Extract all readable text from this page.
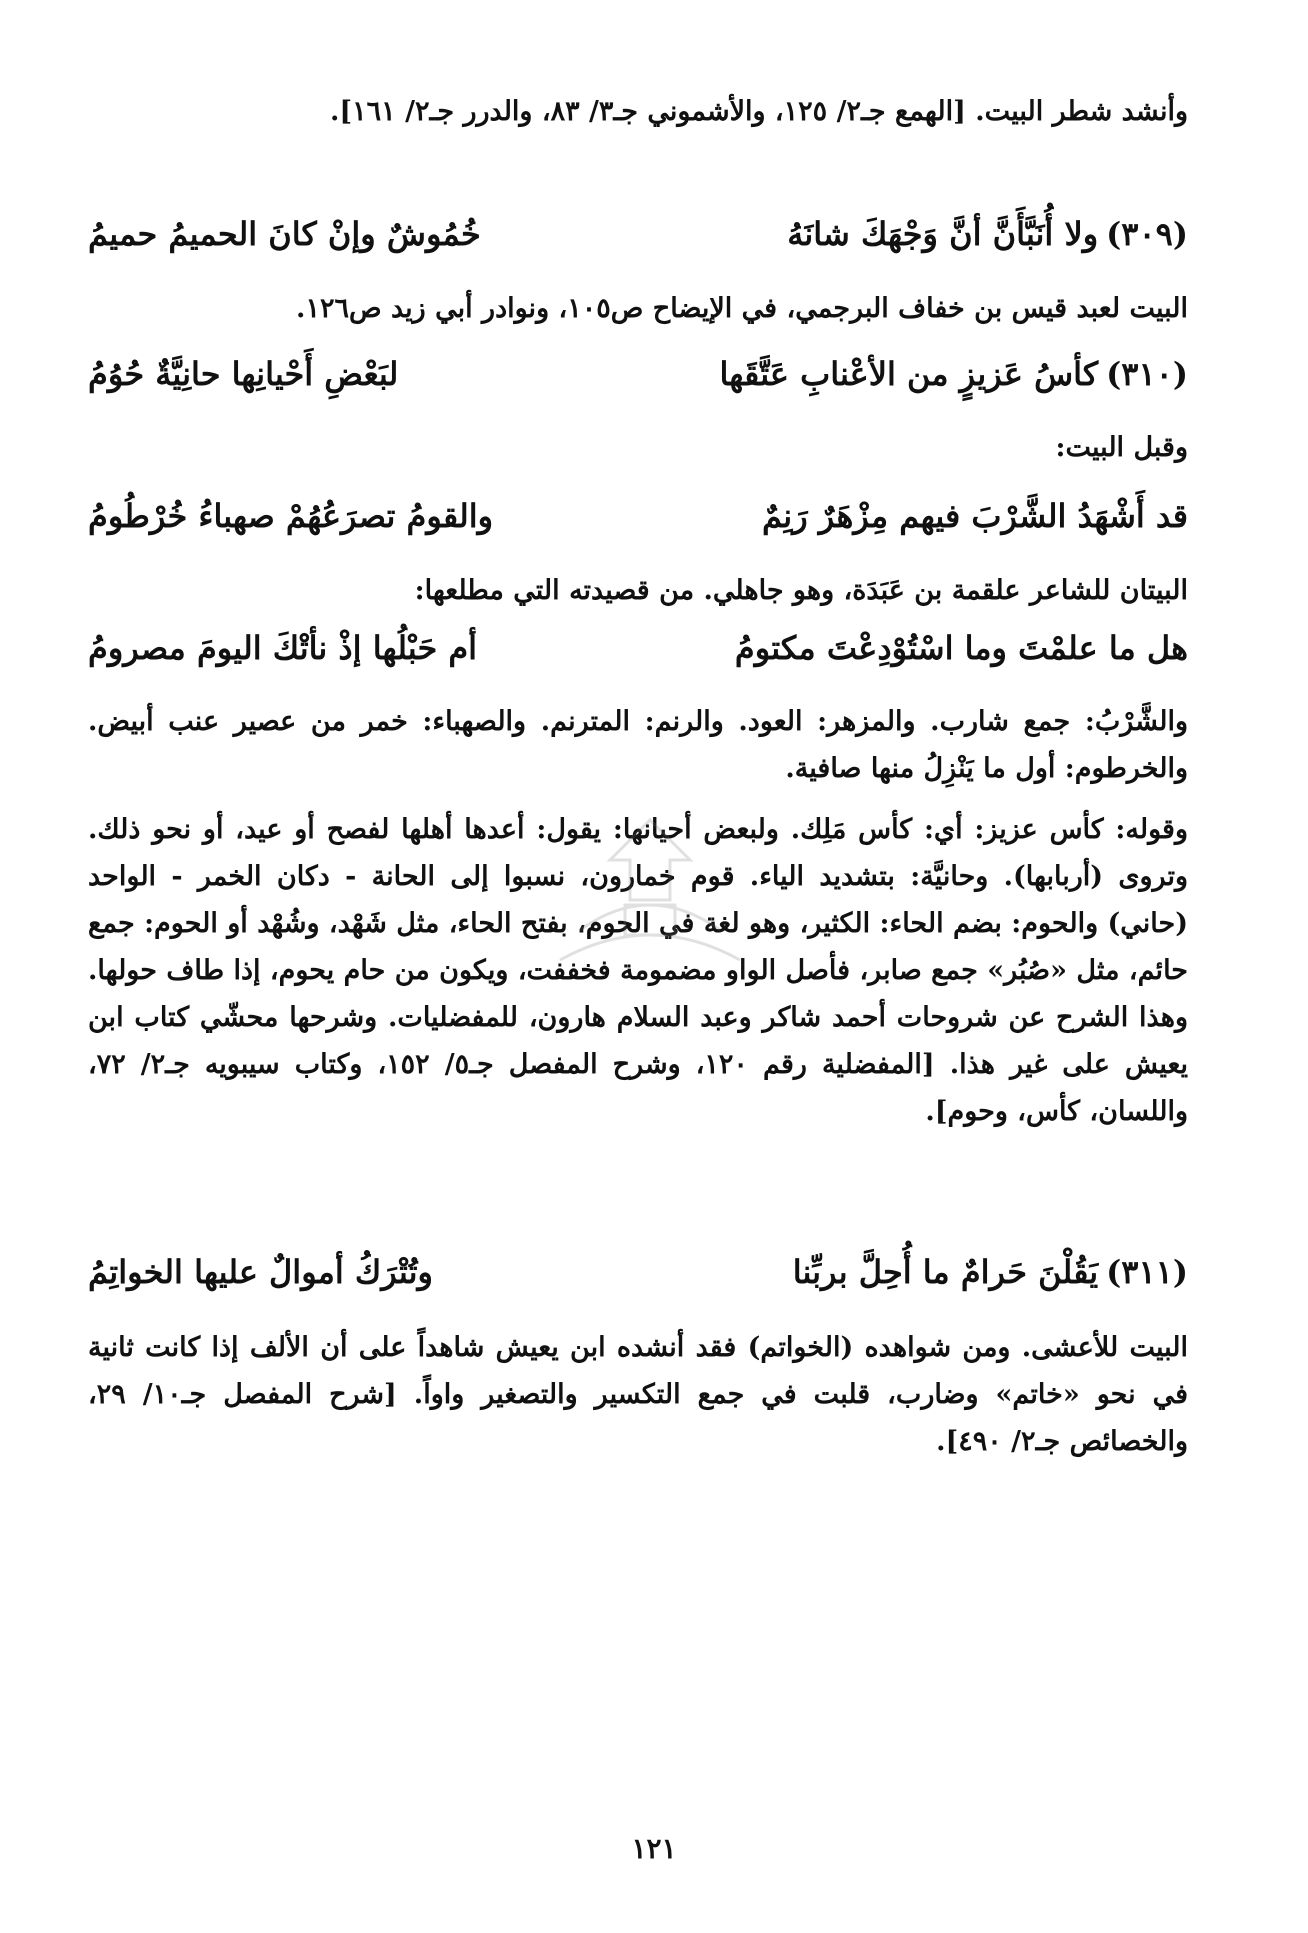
وأنشد شطر البيت. [الهمع جـ٢/ ١٢٥، والأشموني جـ٣/ ٨٣، والدرر جـ٢/ ١٦١].

(٣٠٩)ولا أُنَبَّأَنَّ أنَّ وَجْهَكَ شانَهُ
خُمُوشٌ وإنْ كانَ الحميمُ حميمُ

البيت لعبد قيس بن خفاف البرجمي، في الإيضاح ص١٠٥، ونوادر أبي زيد ص١٢٦.

(٣١٠)كأسُ عَزيزٍ من الأعْنابِ عَتَّقَها
لبَعْضِ أَحْيانِها حانِيَّةٌ حُوُمُ
وقبل البيت:
قد أَشْهَدُ الشَّرْبَ فيهم مِزْهَرٌ رَنِمٌ
والقومُ تصرَعُهُمْ صهباءُ خُرْطُومُ

البيتان للشاعر علقمة بن عَبَدَة، وهو جاهلي. من قصيدته التي مطلعها:

هل ما علمْتَ وما اسْتُوْدِعْتَ مكتومُ
أم حَبْلُها إذْ نأتْكَ اليومَ مصرومُ

والشَّرْبُ: جمع شارب. والمزهر: العود. والرنم: المترنم. والصهباء: خمر من عصير عنب أبيض. والخرطوم: أول ما يَنْزِلُ منها صافية.

وقوله: كأس عزيز: أي: كأس مَلِك. ولبعض أحيانها: يقول: أعدها أهلها لفصح أو عيد، أو نحو ذلك. وتروى (أربابها). وحانيَّة: بتشديد الياء. قوم خمارون، نسبوا إلى الحانة - دكان الخمر - الواحد (حاني) والحوم: بضم الحاء: الكثير، وهو لغة في الحوم، بفتح الحاء، مثل شَهْد، وشُهْد أو الحوم: جمع حائم، مثل «صُبُر» جمع صابر، فأصل الواو مضمومة فخففت، ويكون من حام يحوم، إذا طاف حولها. وهذا الشرح عن شروحات أحمد شاكر وعبد السلام هارون، للمفضليات. وشرحها محشّي كتاب ابن يعيش على غير هذا. [المفضلية رقم ١٢٠، وشرح المفصل جـ٥/ ١٥٢، وكتاب سيبويه جـ٢/ ٧٢، واللسان، كأس، وحوم].

(٣١١)يَقُلْنَ حَرامٌ ما أُحِلَّ بربِّنا
وتُتْرَكُ أموالٌ عليها الخواتِمُ

البيت للأعشى. ومن شواهده (الخواتم) فقد أنشده ابن يعيش شاهداً على أن الألف إذا كانت ثانية في نحو «خاتم» وضارب، قلبت في جمع التكسير والتصغير واواً. [شرح المفصل جـ١٠/ ٢٩، والخصائص جـ٢/ ٤٩٠].

١٢١
